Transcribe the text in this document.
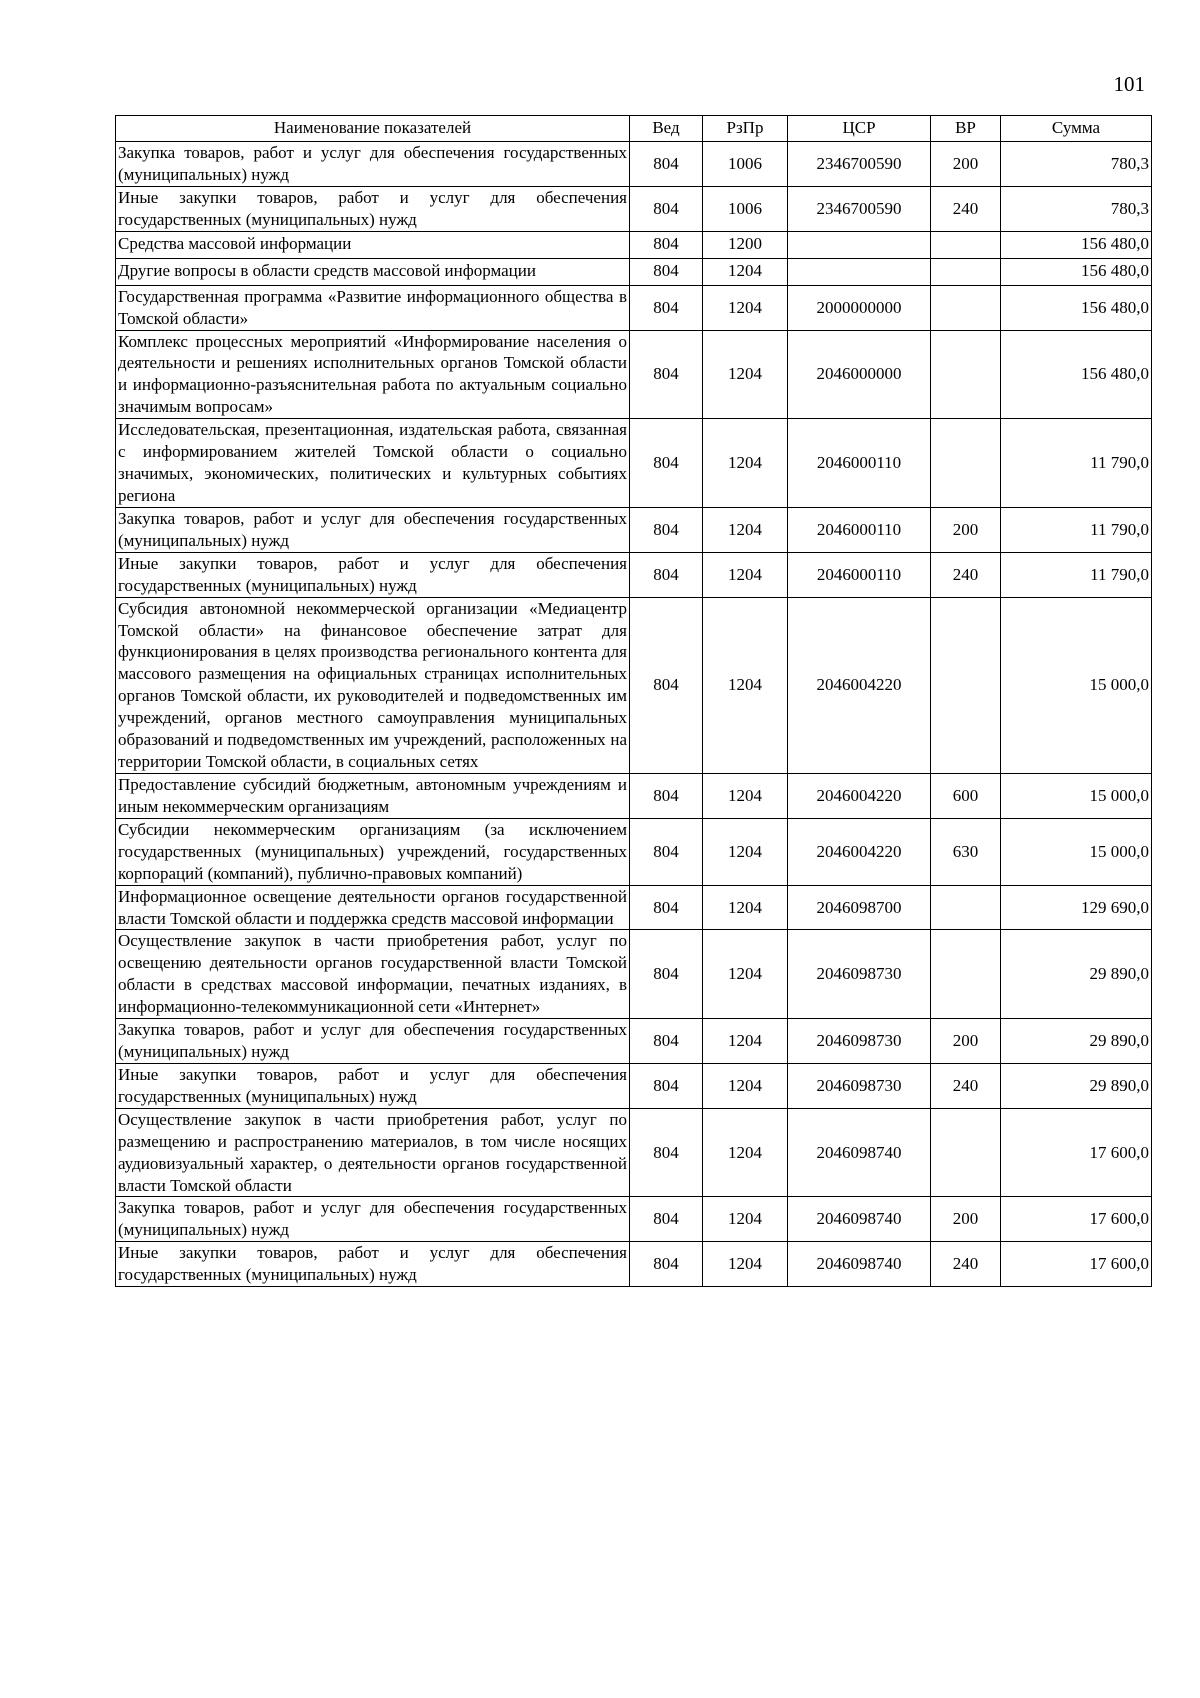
101
Наименование показателей	Вед	РзПр	ЦСР	ВР	Сумма
Закупка товаров, работ и услуг для обеспечения государственных (муниципальных) нужд	804	1006	2346700590	200	780,3
Иные закупки товаров, работ и услуг для обеспечения государственных (муниципальных) нужд	804	1006	2346700590	240	780,3
Средства массовой информации	804	1200			156 480,0
Другие вопросы в области средств массовой информации	804	1204			156 480,0
Государственная программа «Развитие информационного общества в Томской области»	804	1204	2000000000		156 480,0
Комплекс процессных мероприятий «Информирование населения о деятельности и решениях исполнительных органов Томской области и информационно-разъяснительная работа по актуальным социально значимым вопросам»	804	1204	2046000000		156 480,0
Исследовательская, презентационная, издательская работа, связанная с информированием жителей Томской области о социально значимых, экономических, политических и культурных событиях региона	804	1204	2046000110		11 790,0
Закупка товаров, работ и услуг для обеспечения государственных (муниципальных) нужд	804	1204	2046000110	200	11 790,0
Иные закупки товаров, работ и услуг для обеспечения государственных (муниципальных) нужд	804	1204	2046000110	240	11 790,0
Субсидия автономной некоммерческой организации «Медиацентр Томской области» на финансовое обеспечение затрат для функционирования в целях производства регионального контента для массового размещения на официальных страницах исполнительных органов Томской области, их руководителей и подведомственных им учреждений, органов местного самоуправления муниципальных образований и подведомственных им учреждений, расположенных на территории Томской области, в социальных сетях	804	1204	2046004220		15 000,0
Предоставление субсидий бюджетным, автономным учреждениям и иным некоммерческим организациям	804	1204	2046004220	600	15 000,0
Субсидии некоммерческим организациям (за исключением государственных (муниципальных) учреждений, государственных корпораций (компаний), публично-правовых компаний)	804	1204	2046004220	630	15 000,0
Информационное освещение деятельности органов государственной власти Томской области и поддержка средств массовой информации	804	1204	2046098700		129 690,0
Осуществление закупок в части приобретения работ, услуг по освещению деятельности органов государственной власти Томской области в средствах массовой информации, печатных изданиях, в информационно-телекоммуникационной сети «Интернет»	804	1204	2046098730		29 890,0
Закупка товаров, работ и услуг для обеспечения государственных (муниципальных) нужд	804	1204	2046098730	200	29 890,0
Иные закупки товаров, работ и услуг для обеспечения государственных (муниципальных) нужд	804	1204	2046098730	240	29 890,0
Осуществление закупок в части приобретения работ, услуг по размещению и распространению материалов, в том числе носящих аудиовизуальный характер, о деятельности органов государственной власти Томской области	804	1204	2046098740		17 600,0
Закупка товаров, работ и услуг для обеспечения государственных (муниципальных) нужд	804	1204	2046098740	200	17 600,0
Иные закупки товаров, работ и услуг для обеспечения государственных (муниципальных) нужд	804	1204	2046098740	240	17 600,0
